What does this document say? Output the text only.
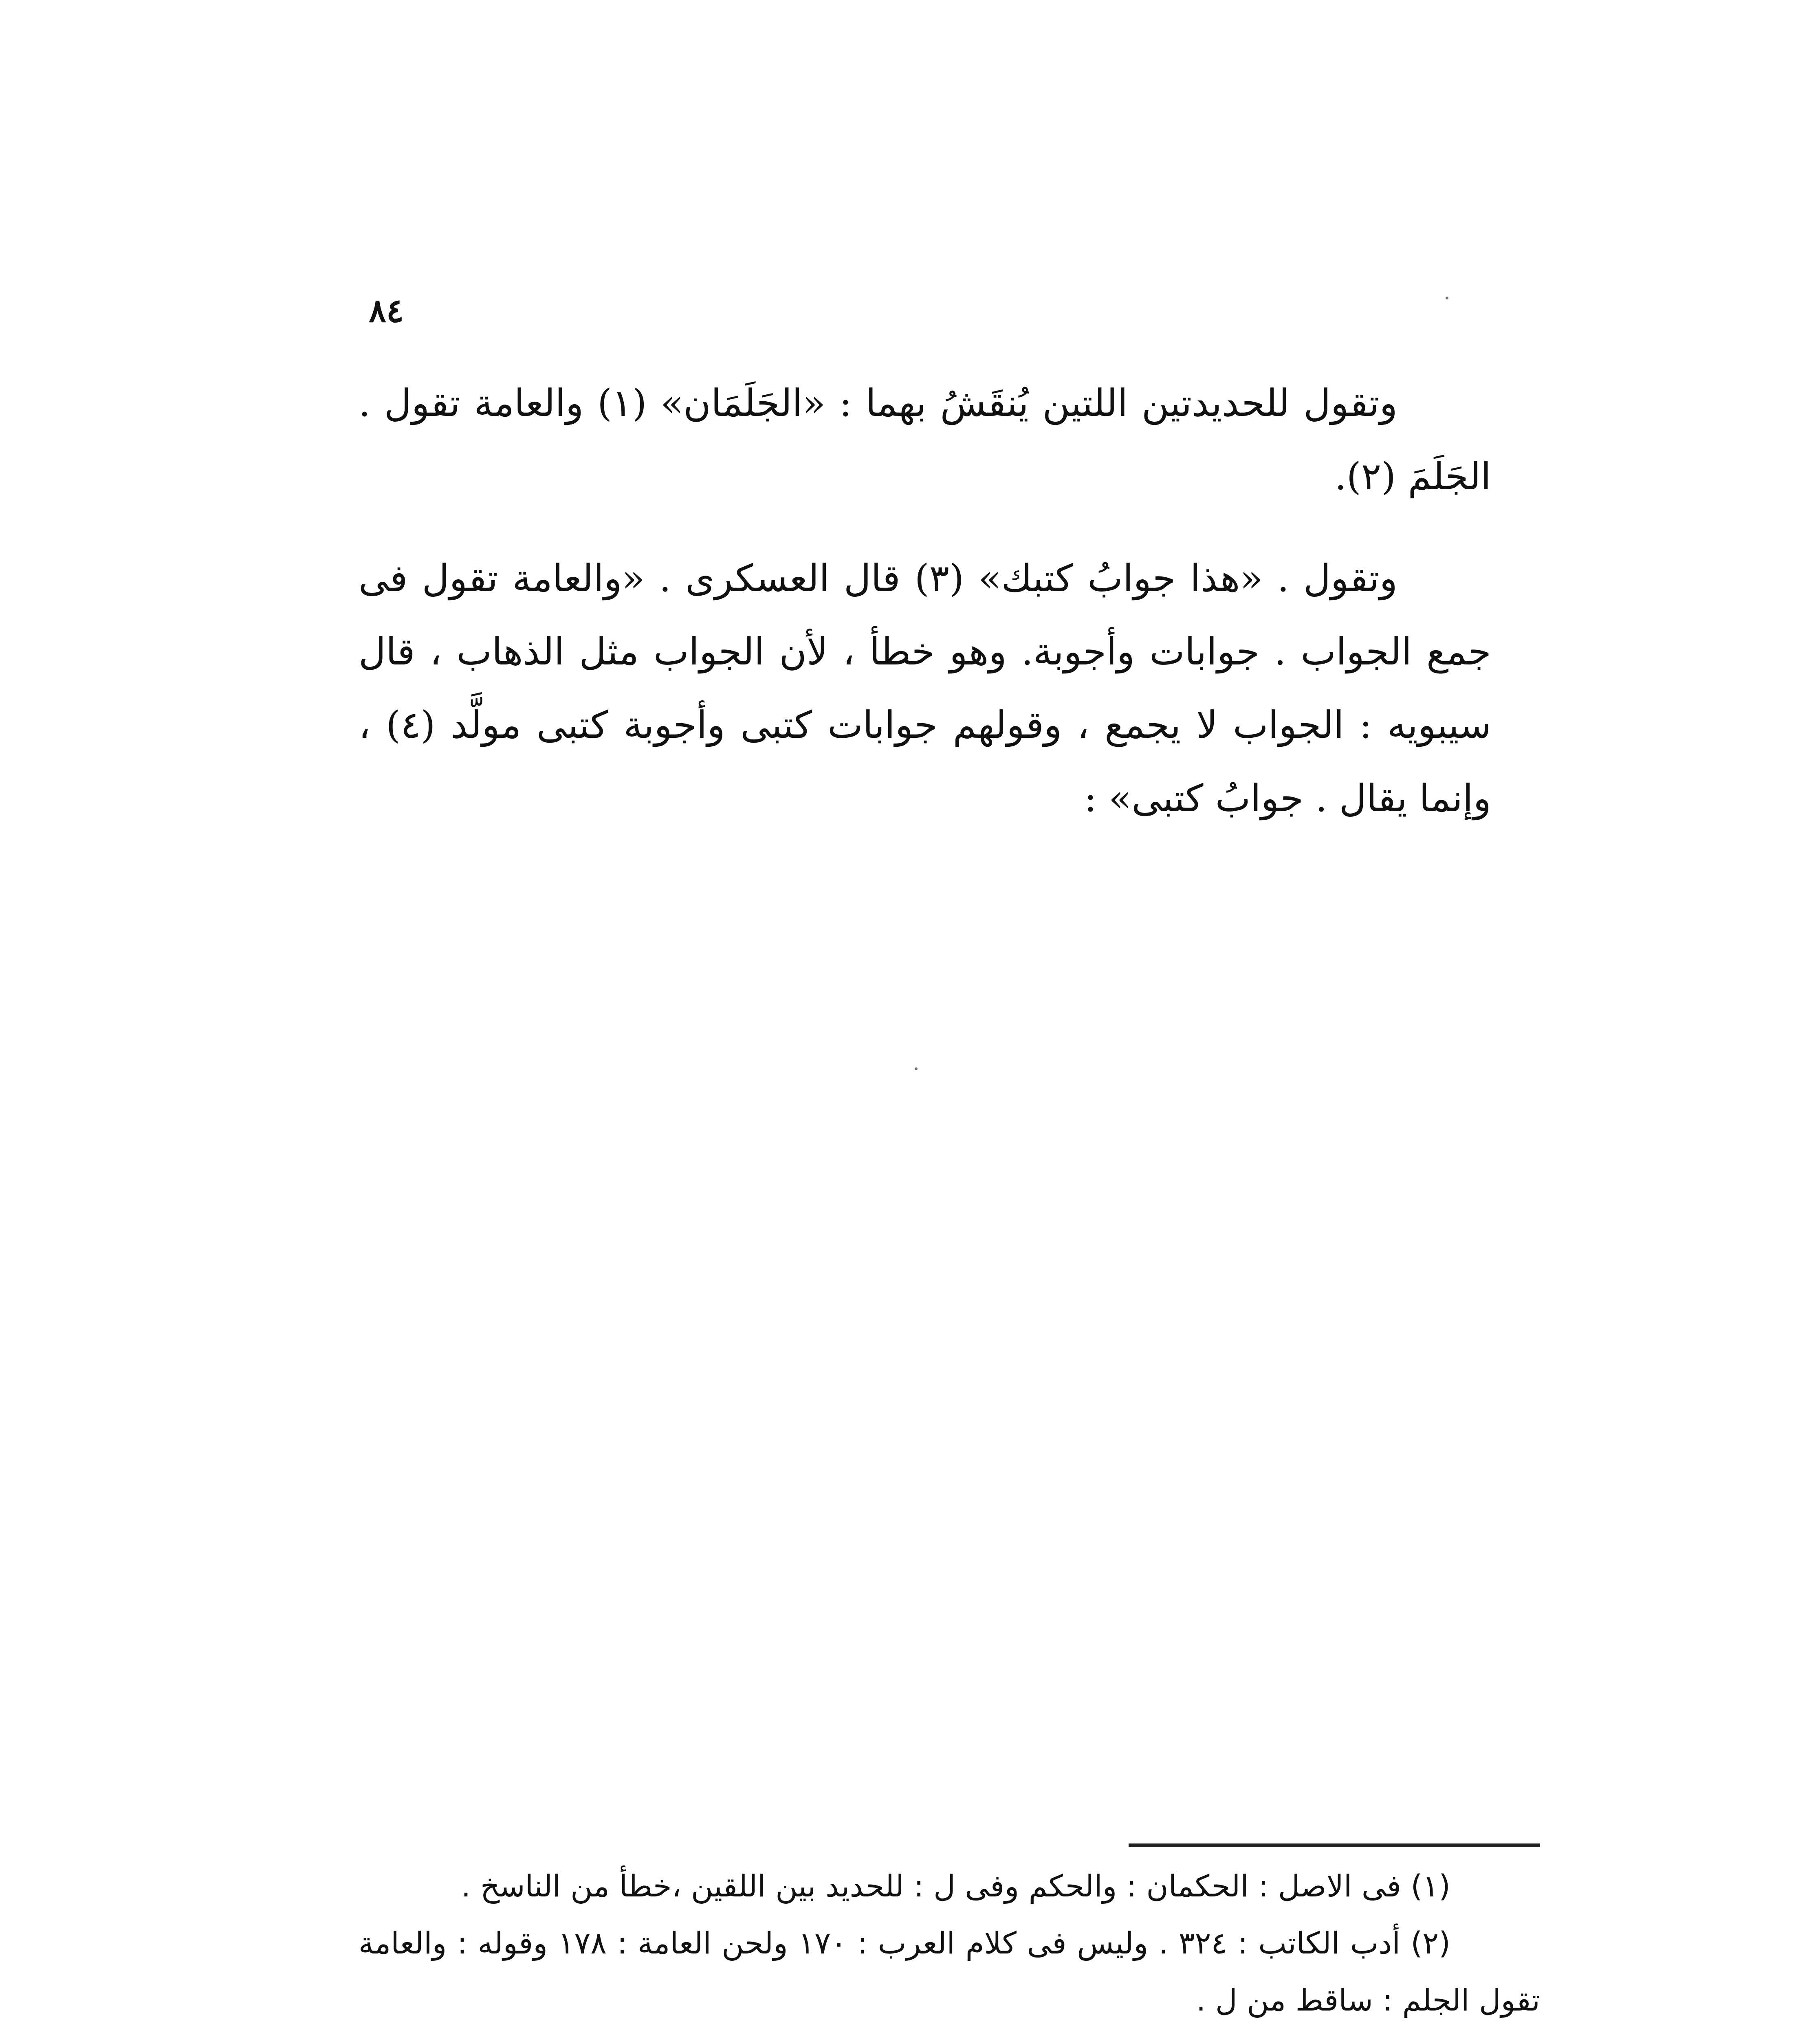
٨٤

وتقول للحديدتين اللتين يُنقَشُ بهما : «الجَلَمَان» (١) والعامة تقول . الجَلَمَ (٢).

وتقول . «هذا جوابُ كتبك» (٣) قال العسكرى . «والعامة تقول فى جمع الجواب . جوابات وأجوبة. وهو خطأ ، لأن الجواب مثل الذهاب ، قال سيبويه : الجواب لا يجمع ، وقولهم جوابات كتبى وأجوبة كتبى مولَّد (٤) ، وإنما يقال . جوابُ كتبى» :

(١) فى الاصل : الحكمان : والحكم وفى ل : للحديد بين اللقين ،خطأ من الناسخ .

(٢) أدب الكاتب : ٣٢٤ . وليس فى كلام العرب : ١٧٠ ولحن العامة : ١٧٨ وقوله : والعامة تقول الجلم : ساقط من ل .
